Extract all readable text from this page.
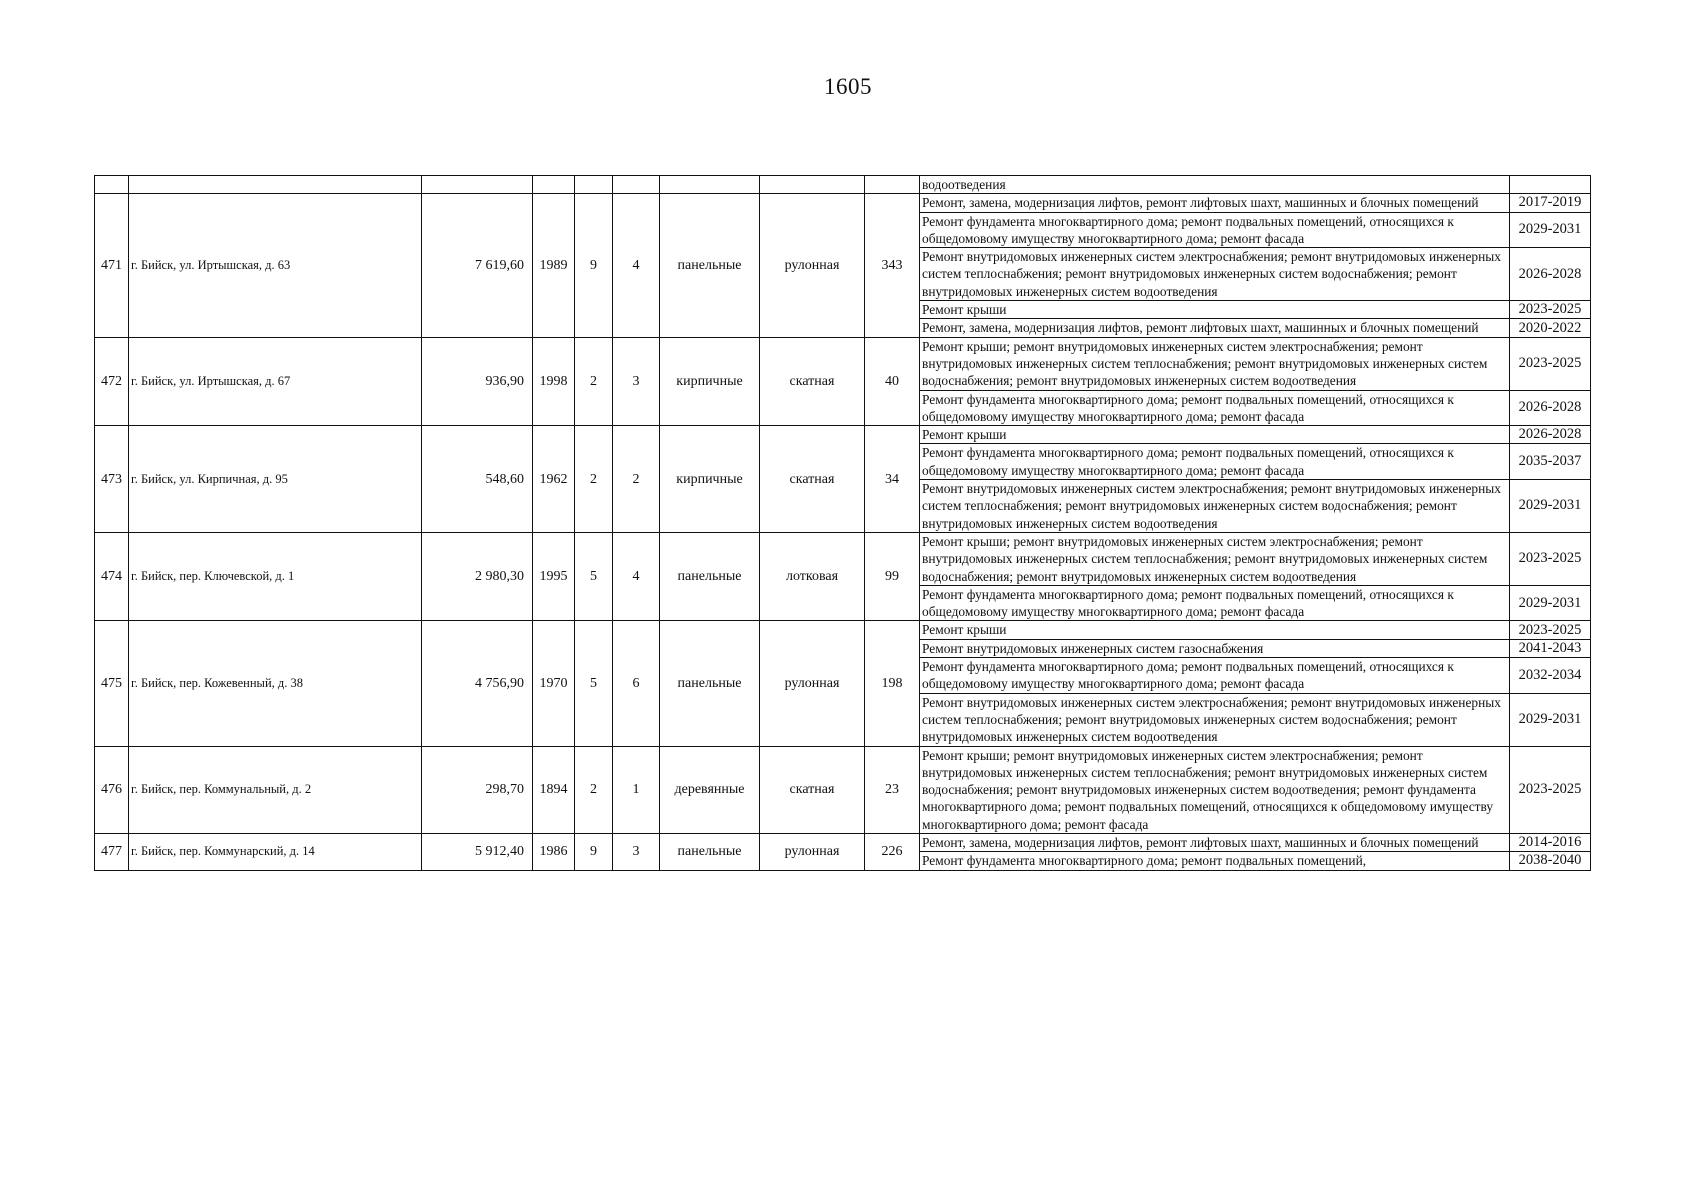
1605
									водоотведения	
471	г. Бийск, ул. Иртышская, д. 63	7 619,60	1989	9	4	панельные	рулонная	343	Ремонт, замена, модернизация лифтов, ремонт лифтовых шахт, машинных и блочных помещений	2017-2019
									Ремонт фундамента многоквартирного дома; ремонт подвальных помещений, относящихся к общедомовому имуществу многоквартирного дома; ремонт фасада	2029-2031
									Ремонт внутридомовых инженерных систем электроснабжения; ремонт внутридомовых инженерных систем теплоснабжения; ремонт внутридомовых инженерных систем водоснабжения; ремонт внутридомовых инженерных систем водоотведения	2026-2028
									Ремонт крыши	2023-2025
									Ремонт, замена, модернизация лифтов, ремонт лифтовых шахт, машинных и блочных помещений	2020-2022
472	г. Бийск, ул. Иртышская, д. 67	936,90	1998	2	3	кирпичные	скатная	40	Ремонт крыши; ремонт внутридомовых инженерных систем электроснабжения; ремонт внутридомовых инженерных систем теплоснабжения; ремонт внутридомовых инженерных систем водоснабжения; ремонт внутридомовых инженерных систем водоотведения	2023-2025
									Ремонт фундамента многоквартирного дома; ремонт подвальных помещений, относящихся к общедомовому имуществу многоквартирного дома; ремонт фасада	2026-2028
473	г. Бийск, ул. Кирпичная, д. 95	548,60	1962	2	2	кирпичные	скатная	34	Ремонт крыши	2026-2028
									Ремонт фундамента многоквартирного дома; ремонт подвальных помещений, относящихся к общедомовому имуществу многоквартирного дома; ремонт фасада	2035-2037
									Ремонт внутридомовых инженерных систем электроснабжения; ремонт внутридомовых инженерных систем теплоснабжения; ремонт внутридомовых инженерных систем водоснабжения; ремонт внутридомовых инженерных систем водоотведения	2029-2031
474	г. Бийск, пер. Ключевской, д. 1	2 980,30	1995	5	4	панельные	лотковая	99	Ремонт крыши; ремонт внутридомовых инженерных систем электроснабжения; ремонт внутридомовых инженерных систем теплоснабжения; ремонт внутридомовых инженерных систем водоснабжения; ремонт внутридомовых инженерных систем водоотведения	2023-2025
									Ремонт фундамента многоквартирного дома; ремонт подвальных помещений, относящихся к общедомовому имуществу многоквартирного дома; ремонт фасада	2029-2031
475	г. Бийск, пер. Кожевенный, д. 38	4 756,90	1970	5	6	панельные	рулонная	198	Ремонт крыши	2023-2025
									Ремонт внутридомовых инженерных систем газоснабжения	2041-2043
									Ремонт фундамента многоквартирного дома; ремонт подвальных помещений, относящихся к общедомовому имуществу многоквартирного дома; ремонт фасада	2032-2034
									Ремонт внутридомовых инженерных систем электроснабжения; ремонт внутридомовых инженерных систем теплоснабжения; ремонт внутридомовых инженерных систем водоснабжения; ремонт внутридомовых инженерных систем водоотведения	2029-2031
476	г. Бийск, пер. Коммунальный, д. 2	298,70	1894	2	1	деревянные	скатная	23	Ремонт крыши; ремонт внутридомовых инженерных систем электроснабжения; ремонт внутридомовых инженерных систем теплоснабжения; ремонт внутридомовых инженерных систем водоснабжения; ремонт внутридомовых инженерных систем водоотведения; ремонт фундамента многоквартирного дома; ремонт подвальных помещений, относящихся к общедомовому имуществу многоквартирного дома; ремонт фасада	2023-2025
477	г. Бийск, пер. Коммунарский, д. 14	5 912,40	1986	9	3	панельные	рулонная	226	Ремонт, замена, модернизация лифтов, ремонт лифтовых шахт, машинных и блочных помещений	2014-2016
									Ремонт фундамента многоквартирного дома; ремонт подвальных помещений,	2038-2040
